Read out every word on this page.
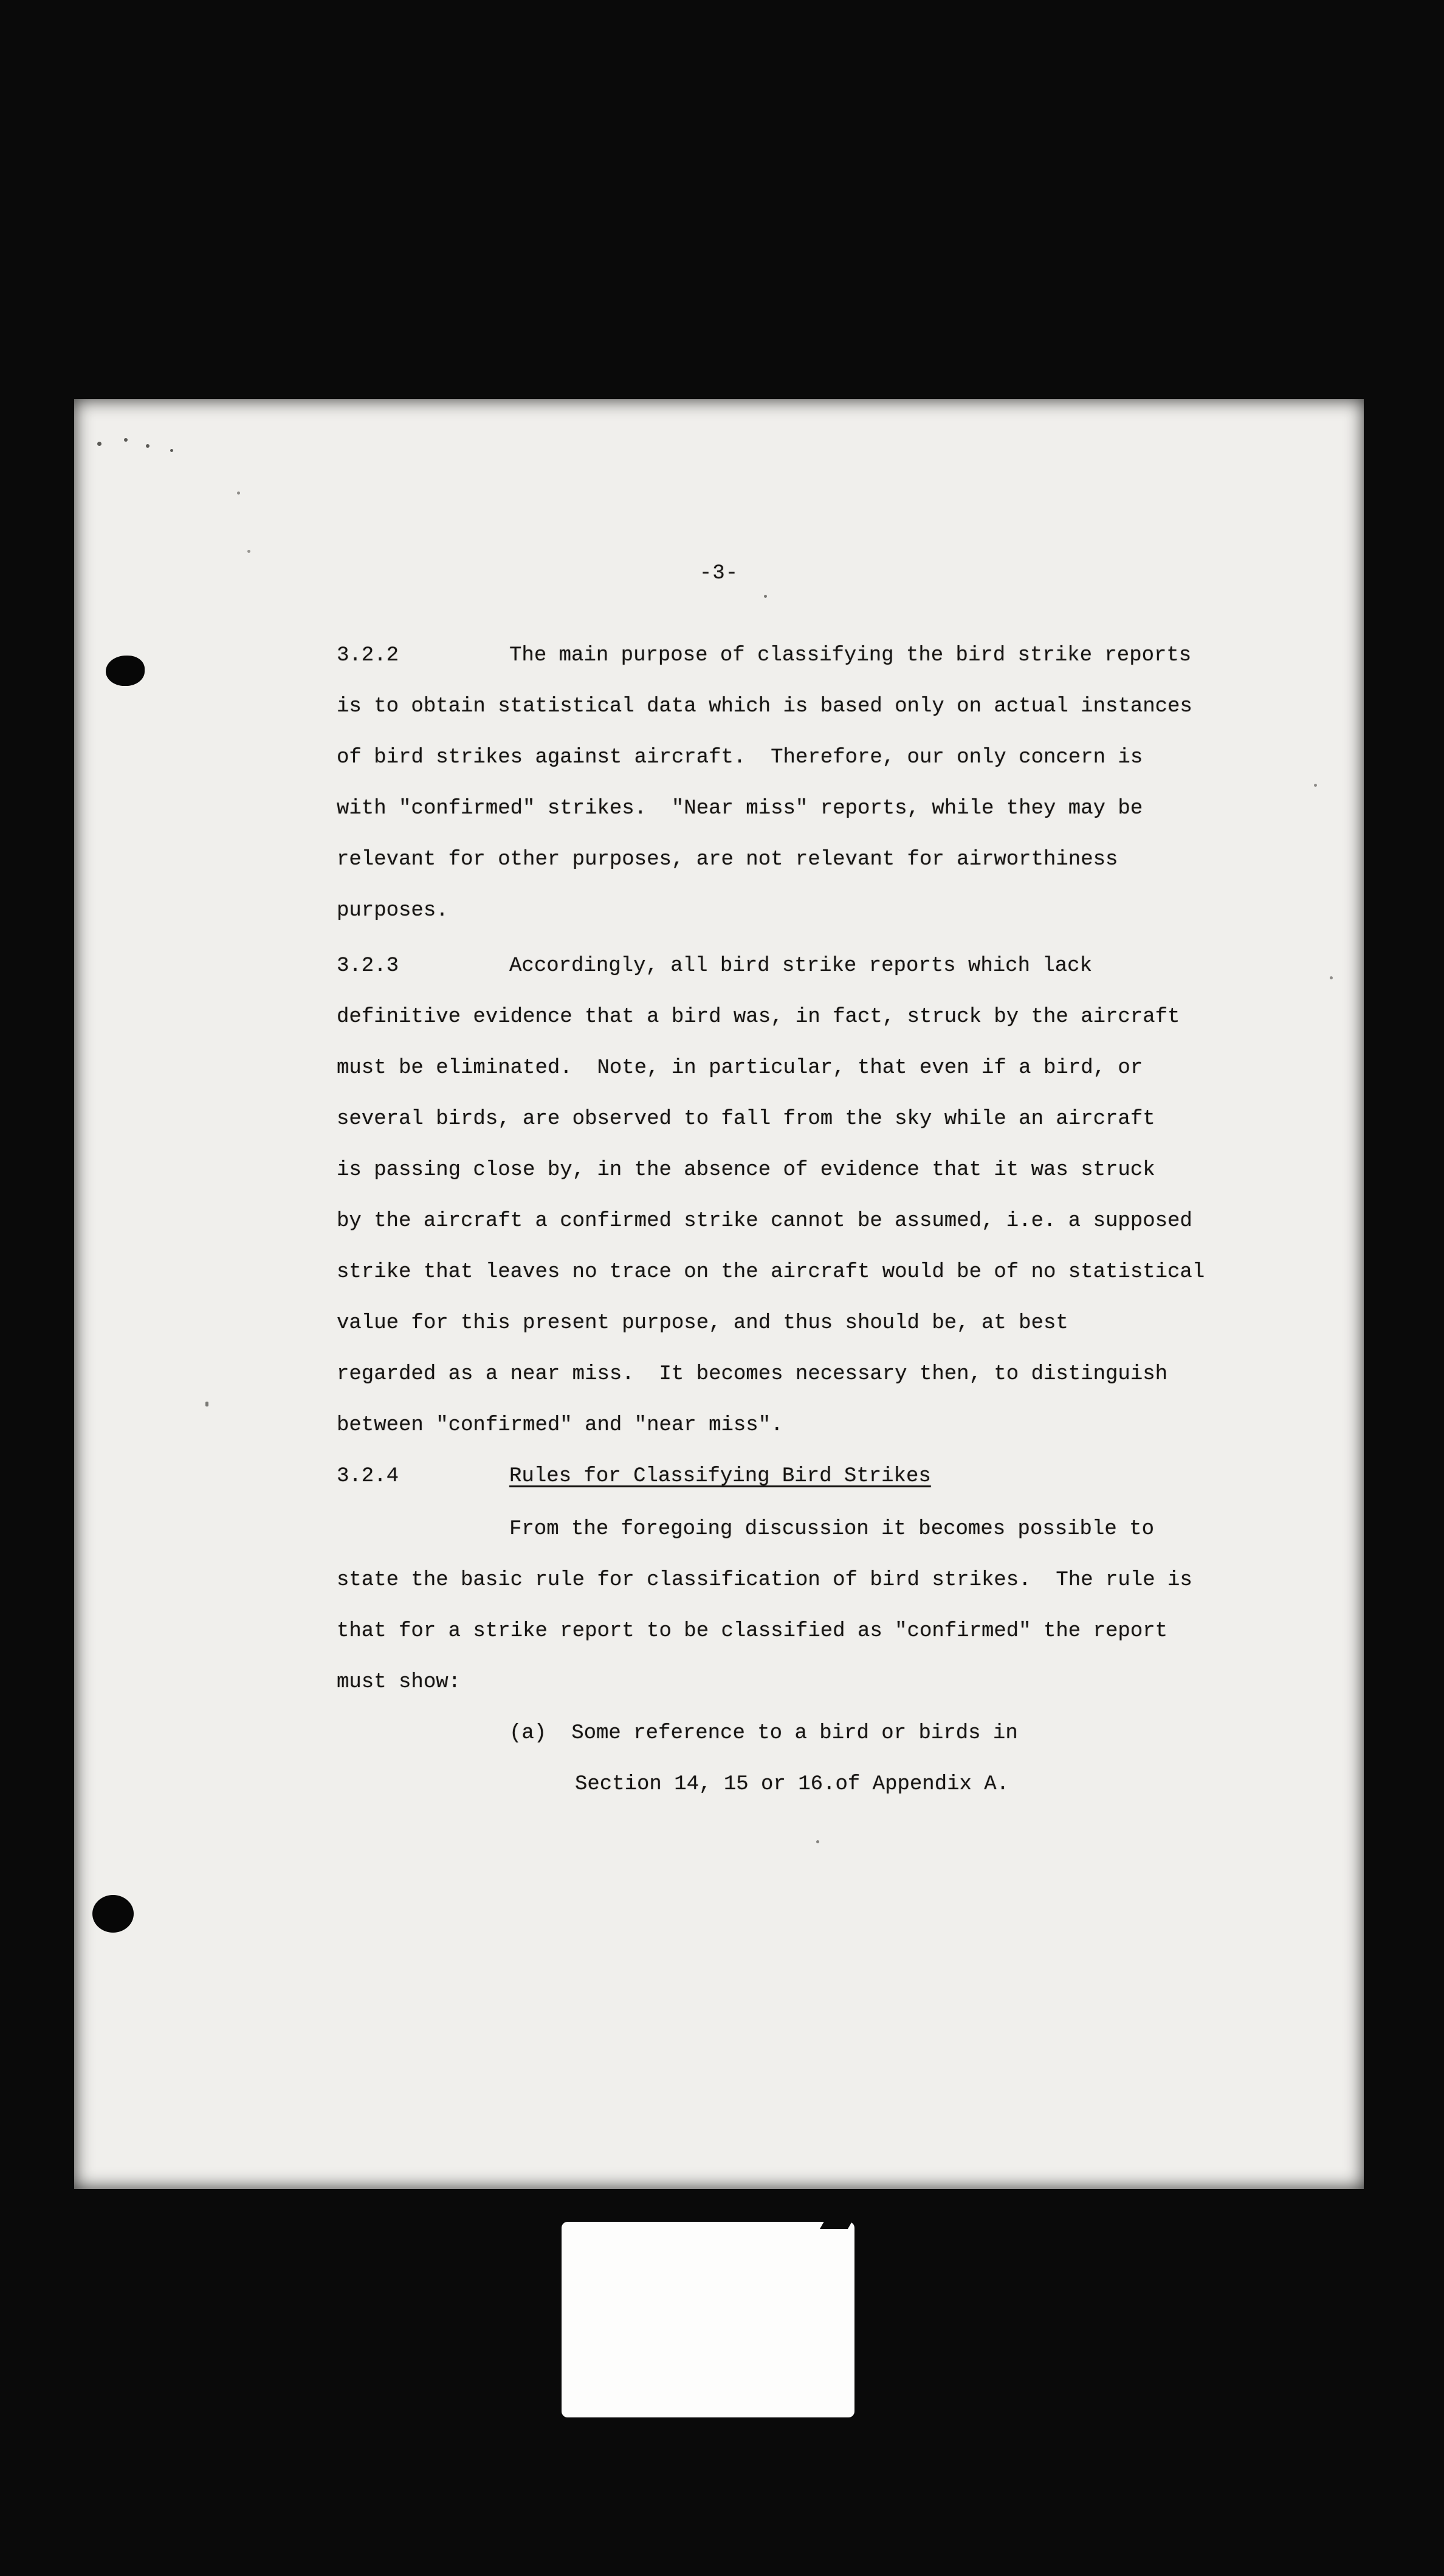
-3-
3.2.2	The main purpose of classifying the bird strike reports
is to obtain statistical data which is based only on actual instances
of bird strikes against aircraft.  Therefore, our only concern is
with "confirmed" strikes.  "Near miss" reports, while they may be
relevant for other purposes, are not relevant for airworthiness
purposes.
3.2.3	Accordingly, all bird strike reports which lack
definitive evidence that a bird was, in fact, struck by the aircraft
must be eliminated.  Note, in particular, that even if a bird, or
several birds, are observed to fall from the sky while an aircraft
is passing close by, in the absence of evidence that it was struck
by the aircraft a confirmed strike cannot be assumed, i.e. a supposed
strike that leaves no trace on the aircraft would be of no statistical
value for this present purpose, and thus should be, at best
regarded as a near miss.  It becomes necessary then, to distinguish
between "confirmed" and "near miss".
3.2.4	Rules for Classifying Bird Strikes
From the foregoing discussion it becomes possible to
state the basic rule for classification of bird strikes.  The rule is
that for a strike report to be classified as "confirmed" the report
must show:
(a) Some reference to a bird or birds in
Section 14, 15 or 16.of Appendix A.
